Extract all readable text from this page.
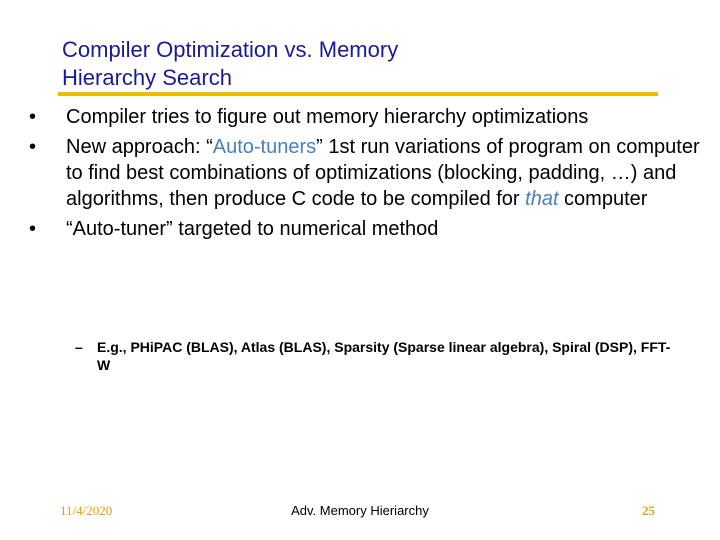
Compiler Optimization vs. Memory
Hierarchy Search
• Compiler tries to figure out memory hierarchy optimizations
• New approach: “Auto-tuners” 1st run variations of program on computer to find best combinations of optimizations (blocking, padding, …) and algorithms, then produce C code to be compiled for that computer
• “Auto-tuner” targeted to numerical method
–	E.g., PHiPAC (BLAS), Atlas (BLAS), Sparsity (Sparse linear algebra), Spiral (DSP), FFT-W
11/4/2020	Adv. Memory Hieriarchy	25
